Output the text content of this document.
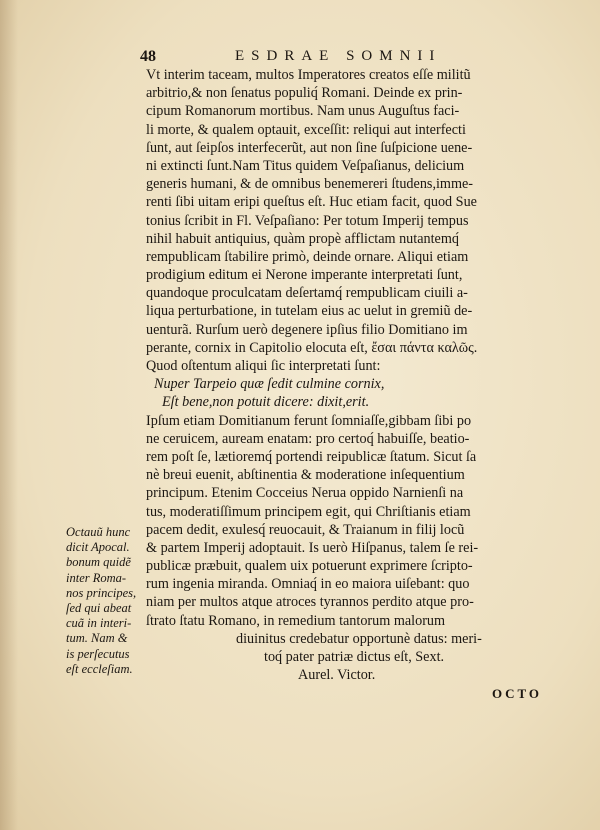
48	ESDRAE SOMNII
Vt interim taceam, multos Imperatores creatos eſſe militũ
arbitrio,& non ſenatus populiq́ Romani. Deinde ex prin-
cipum Romanorum mortibus. Nam unus Auguſtus faci-
li morte, & qualem optauit, exceſſit: reliqui aut interfecti
ſunt, aut ſeipſos interfecerũt, aut non ſine ſuſpicione uene-
ni extincti ſunt.Nam Titus quidem Veſpaſianus, delicium
generis humani, & de omnibus benemereri ſtudens,imme-
renti ſibi uitam eripi queſtus eſt. Huc etiam facit, quod Sue
tonius ſcribit in Fl. Veſpaſiano: Per totum Imperij tempus
nihil habuit antiquius, quàm propè afflictam nutantemq́
rempublicam ſtabilire primò, deinde ornare. Aliqui etiam
prodigium editum ei Nerone imperante interpretati ſunt,
quandoque proculcatam deſertamq́ rempublicam ciuili a-
liqua perturbatione, in tutelam eius ac uelut in gremiũ de-
uenturã. Rurſum uerò degenere ipſius filio Domitiano im
perante, cornix in Capitolio elocuta eſt, ἔσαι πάντα καλῶς.
Quod oſtentum aliqui ſic interpretati ſunt:
Nuper Tarpeio quæ ſedit culmine cornix,
Eſt bene,non potuit dicere: dixit,erit.
Ipſum etiam Domitianum ferunt ſomniaſſe,gibbam ſibi po
ne ceruicem, auream enatam: pro certoq́ habuiſſe, beatio-
rem poſt ſe, lætioremq́ portendi reipublicæ ſtatum. Sicut ſa
nè breui euenit, abſtinentia & moderatione inſequentium
principum. Etenim Cocceius Nerua oppido Narnienſi na
tus, moderatiſſimum principem egit, qui Chriſtianis etiam
pacem dedit, exulesq́ reuocauit, & Traianum in filij locũ
& partem Imperij adoptauit. Is uerò Hiſpanus, talem ſe rei-
publicæ præbuit, qualem uix potuerunt exprimere ſcripto-
rum ingenia miranda. Omniaq́ in eo maiora uiſebant: quo
niam per multos atque atroces tyrannos perdito atque pro-
ſtrato ſtatu Romano, in remedium tantorum malorum
diuinitus credebatur opportunè datus: meri-
toq́ pater patriæ dictus eſt, Sext.
Aurel. Victor.
Octauũ hunc
dicit Apocal.
bonum quidẽ
inter Roma-
nos principes,
ſed qui abeat
cuã in interi-
tum. Nam &
is perſecutus
eſt eccleſiam.
OCTO
